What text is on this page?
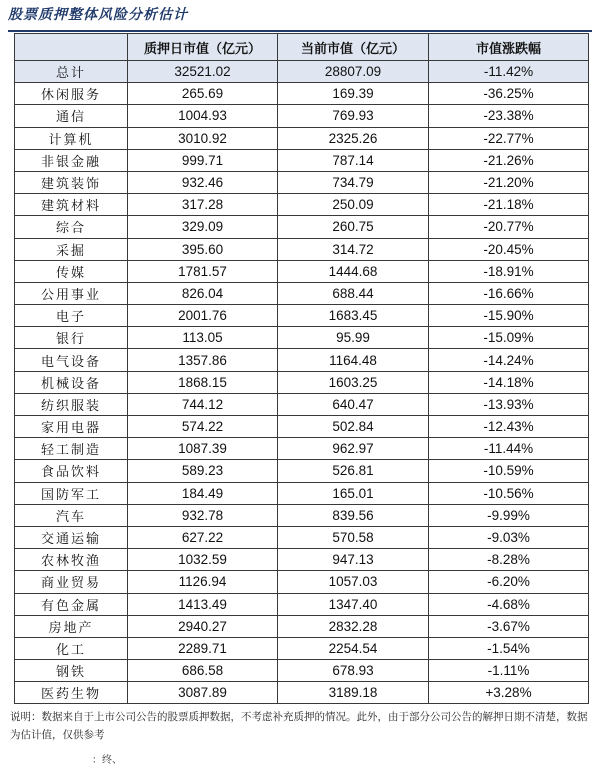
股票质押整体风险分析估计
	质押日市值（亿元）	当前市值（亿元）	市值涨跌幅
总计	32521.02	28807.09	-11.42%
休闲服务	265.69	169.39	-36.25%
通信	1004.93	769.93	-23.38%
计算机	3010.92	2325.26	-22.77%
非银金融	999.71	787.14	-21.26%
建筑装饰	932.46	734.79	-21.20%
建筑材料	317.28	250.09	-21.18%
综合	329.09	260.75	-20.77%
采掘	395.60	314.72	-20.45%
传媒	1781.57	1444.68	-18.91%
公用事业	826.04	688.44	-16.66%
电子	2001.76	1683.45	-15.90%
银行	113.05	95.99	-15.09%
电气设备	1357.86	1164.48	-14.24%
机械设备	1868.15	1603.25	-14.18%
纺织服装	744.12	640.47	-13.93%
家用电器	574.22	502.84	-12.43%
轻工制造	1087.39	962.97	-11.44%
食品饮料	589.23	526.81	-10.59%
国防军工	184.49	165.01	-10.56%
汽车	932.78	839.56	-9.99%
交通运输	627.22	570.58	-9.03%
农林牧渔	1032.59	947.13	-8.28%
商业贸易	1126.94	1057.03	-6.20%
有色金属	1413.49	1347.40	-4.68%
房地产	2940.27	2832.28	-3.67%
化工	2289.71	2254.54	-1.54%
钢铁	686.58	678.93	-1.11%
医药生物	3087.89	3189.18	+3.28%
说明：数据来自于上市公司公告的股票质押数据，不考虑补充质押的情况。此外，由于部分公司公告的解押日期不清楚，数据为估计值，仅供参考
：终、
